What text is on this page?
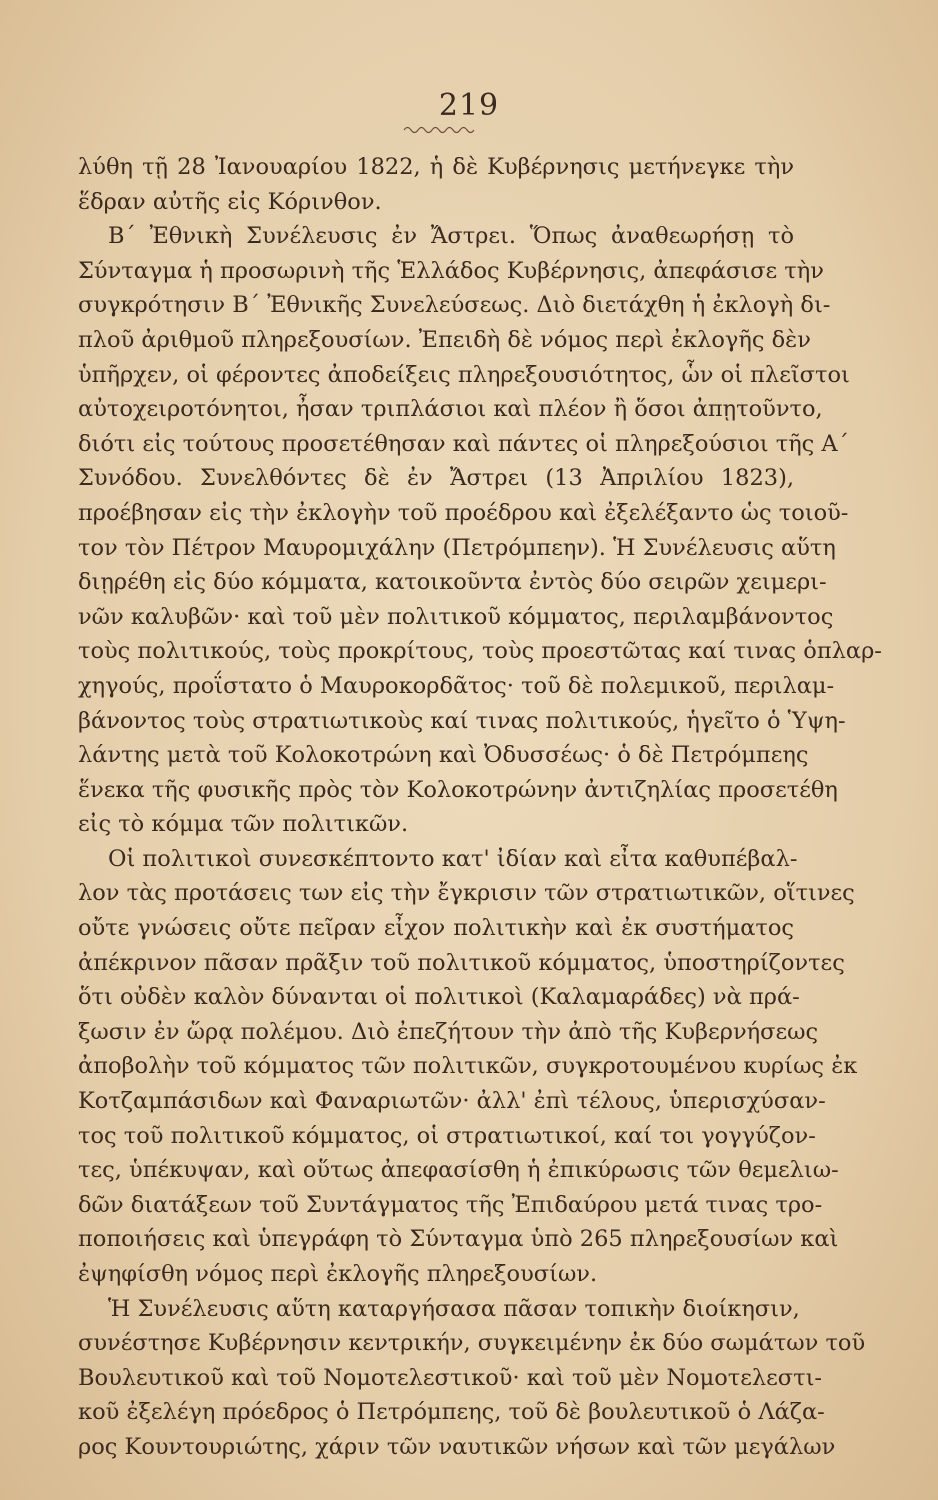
219
λύθη τῇ 28 Ἰανουαρίου 1822, ἡ δὲ Κυβέρνησις μετήνεγκε τὴν
ἕδραν αὐτῆς εἰς Κόρινθον.
Β΄ Ἐθνικὴ Συνέλευσις ἐν Ἄστρει. Ὅπως ἀναθεωρήσῃ τὸ
Σύνταγμα ἡ προσωρινὴ τῆς Ἑλλάδος Κυβέρνησις, ἀπεφάσισε τὴν
συγκρότησιν Β΄ Ἐθνικῆς Συνελεύσεως. Διὸ διετάχθη ἡ ἐκλογὴ δι-
πλοῦ ἀριθμοῦ πληρεξουσίων. Ἐπειδὴ δὲ νόμος περὶ ἐκλογῆς δὲν
ὑπῆρχεν, οἱ φέροντες ἀποδείξεις πληρεξουσιότητος, ὧν οἱ πλεῖστοι
αὐτοχειροτόνητοι, ἦσαν τριπλάσιοι καὶ πλέον ἢ ὅσοι ἀπῃτοῦντο,
διότι εἰς τούτους προσετέθησαν καὶ πάντες οἱ πληρεξούσιοι τῆς Α΄
Συνόδου. Συνελθόντες δὲ ἐν Ἄστρει (13 Ἀπριλίου 1823),
προέβησαν εἰς τὴν ἐκλογὴν τοῦ προέδρου καὶ ἐξελέξαντο ὡς τοιοῦ-
τον τὸν Πέτρον Μαυρομιχάλην (Πετρόμπεην). Ἡ Συνέλευσις αὕτη
διῃρέθη εἰς δύο κόμματα, κατοικοῦντα ἐντὸς δύο σειρῶν χειμερι-
νῶν καλυβῶν· καὶ τοῦ μὲν πολιτικοῦ κόμματος, περιλαμβάνοντος
τοὺς πολιτικούς, τοὺς προκρίτους, τοὺς προεστῶτας καί τινας ὁπλαρ-
χηγούς, προΐστατο ὁ Μαυροκορδᾶτος· τοῦ δὲ πολεμικοῦ, περιλαμ-
βάνοντος τοὺς στρατιωτικοὺς καί τινας πολιτικούς, ἡγεῖτο ὁ Ὑψη-
λάντης μετὰ τοῦ Κολοκοτρώνη καὶ Ὀδυσσέως· ὁ δὲ Πετρόμπεης
ἕνεκα τῆς φυσικῆς πρὸς τὸν Κολοκοτρώνην ἀντιζηλίας προσετέθη
εἰς τὸ κόμμα τῶν πολιτικῶν.
Οἱ πολιτικοὶ συνεσκέπτοντο κατ' ἰδίαν καὶ εἶτα καθυπέβαλ-
λον τὰς προτάσεις των εἰς τὴν ἔγκρισιν τῶν στρατιωτικῶν, οἵτινες
οὔτε γνώσεις οὔτε πεῖραν εἶχον πολιτικὴν καὶ ἐκ συστήματος
ἀπέκρινον πᾶσαν πρᾶξιν τοῦ πολιτικοῦ κόμματος, ὑποστηρίζοντες
ὅτι οὐδὲν καλὸν δύνανται οἱ πολιτικοὶ (Καλαμαράδες) νὰ πρά-
ξωσιν ἐν ὥρᾳ πολέμου. Διὸ ἐπεζήτουν τὴν ἀπὸ τῆς Κυβερνήσεως
ἀποβολὴν τοῦ κόμματος τῶν πολιτικῶν, συγκροτουμένου κυρίως ἐκ
Κοτζαμπάσιδων καὶ Φαναριωτῶν· ἀλλ' ἐπὶ τέλους, ὑπερισχύσαν-
τος τοῦ πολιτικοῦ κόμματος, οἱ στρατιωτικοί, καί τοι γογγύζον-
τες, ὑπέκυψαν, καὶ οὕτως ἀπεφασίσθη ἡ ἐπικύρωσις τῶν θεμελιω-
δῶν διατάξεων τοῦ Συντάγματος τῆς Ἐπιδαύρου μετά τινας τρο-
ποποιήσεις καὶ ὑπεγράφη τὸ Σύνταγμα ὑπὸ 265 πληρεξουσίων καὶ
ἐψηφίσθη νόμος περὶ ἐκλογῆς πληρεξουσίων.
Ἡ Συνέλευσις αὕτη καταργήσασα πᾶσαν τοπικὴν διοίκησιν,
συνέστησε Κυβέρνησιν κεντρικήν, συγκειμένην ἐκ δύο σωμάτων τοῦ
Βουλευτικοῦ καὶ τοῦ Νομοτελεστικοῦ· καὶ τοῦ μὲν Νομοτελεστι-
κοῦ ἐξελέγη πρόεδρος ὁ Πετρόμπεης, τοῦ δὲ βουλευτικοῦ ὁ Λάζα-
ρος Κουντουριώτης, χάριν τῶν ναυτικῶν νήσων καὶ τῶν μεγάλων
